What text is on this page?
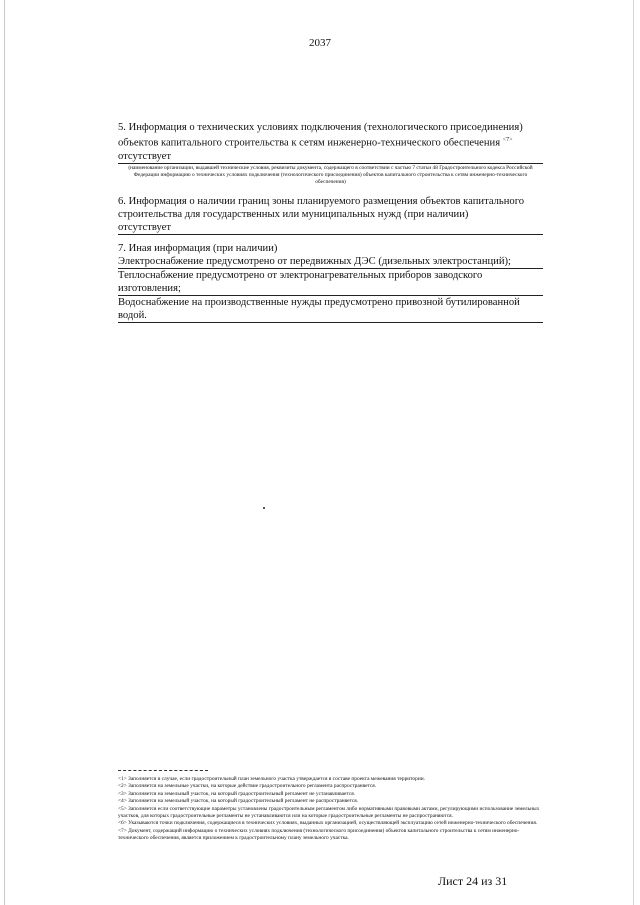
2037

5. Информация о технических условиях подключения (технологического присоединения) объектов капитального строительства к сетям инженерно-технического обеспечения $^{<7>}$

отсутствует
(наименование организации, выдавшей технические условия, реквизиты документа, содержащего в соответствии с частью 7 статьи 48 Градостроительного кодекса Российской Федерации информацию о технических условиях подключения (технологического присоединения) объектов капитального строительства к сетям инженерно-технического обеспечения)

6. Информация о наличии границ зоны планируемого размещения объектов капитального строительства для государственных или муниципальных нужд (при наличии)

отсутствует

7. Иная информация (при наличии)

Электроснабжение предусмотрено от передвижных ДЭС (дизельных электростанций);
Теплоснабжение предусмотрено от электронагревательных приборов заводского изготовления;
Водоснабжение на производственные нужды предусмотрено привозной бутилированной водой.
<1> Заполняется в случае, если градостроительный план земельного участка утверждается в составе проекта межевания территории.
<2> Заполняется на земельные участки, на которые действие градостроительного регламента распространяется.
<3> Заполняется на земельный участок, на который градостроительный регламент не устанавливается.
<4> Заполняется на земельный участок, на который градостроительный регламент не распространяется.
<5> Заполняется если соответствующие параметры установлены градостроительным регламентом либо нормативными правовыми актами, регулирующими использование земельных участков, для которых градостроительные регламенты не устанавливаются или на которые градостроительные регламенты не распространяются.
<6> Указываются точки подключения, содержащиеся в технических условиях, выданных организацией, осуществляющей эксплуатацию сетей инженерно-технического обеспечения.
<7> Документ, содержащий информацию о технических условиях подключения (технологического присоединения) объектов капитального строительства к сетям инженерно-технического обеспечения, является приложением к градостроительному плану земельного участка.
Лист 24 из 31
